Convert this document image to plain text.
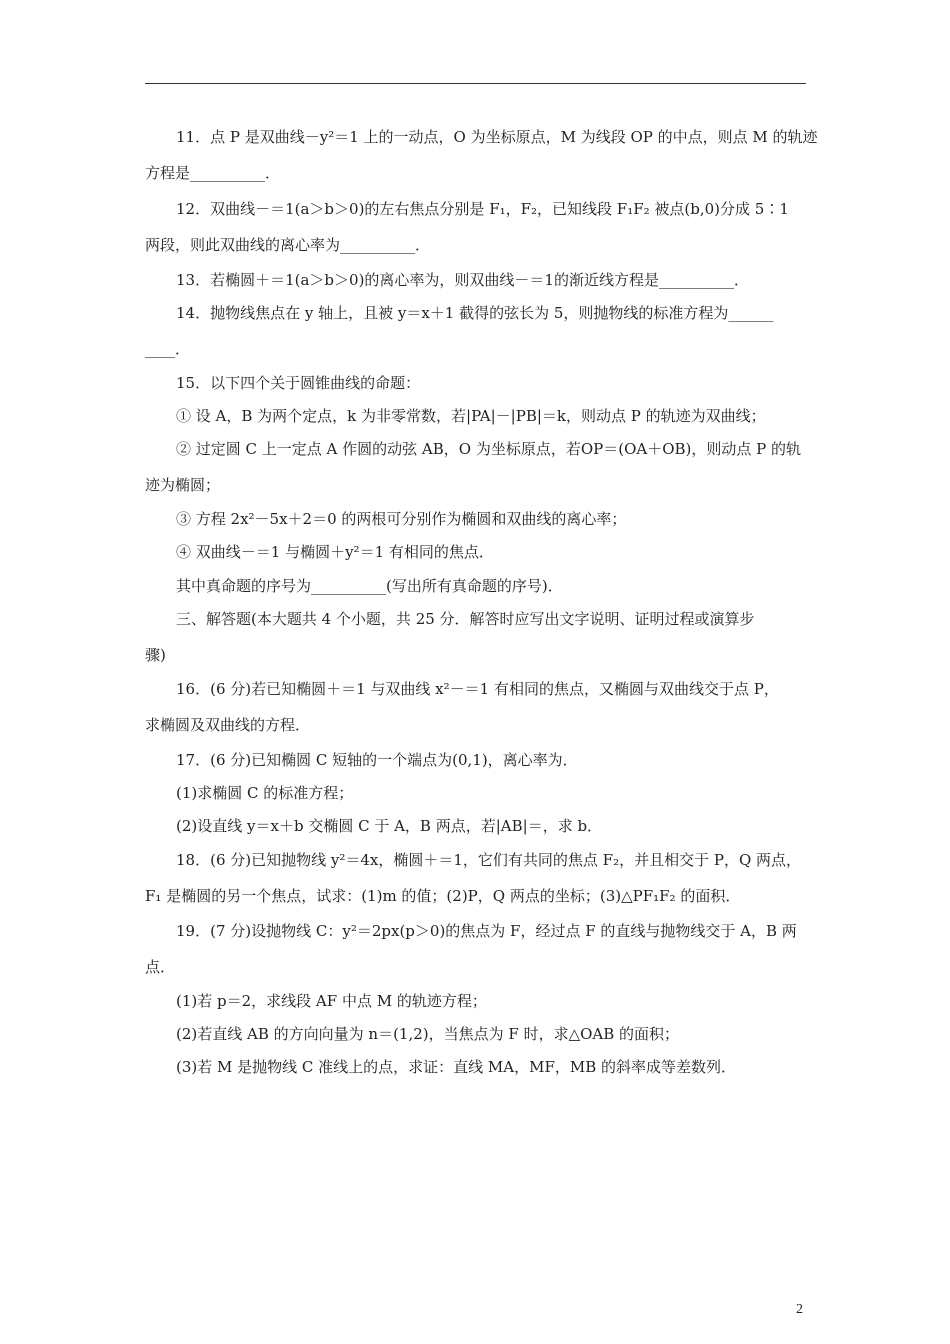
11．点 P 是双曲线－y²＝1 上的一动点，O 为坐标原点，M 为线段 OP 的中点，则点 M 的轨迹
方程是__________．
12．双曲线－＝1(a＞b＞0)的左右焦点分别是 F₁，F₂，已知线段 F₁F₂ 被点(b,0)分成 5∶1
两段，则此双曲线的离心率为__________．
13．若椭圆＋＝1(a＞b＞0)的离心率为，则双曲线－＝1的渐近线方程是__________．
14．抛物线焦点在 y 轴上，且被 y＝x＋1 截得的弦长为 5，则抛物线的标准方程为______
____．
15．以下四个关于圆锥曲线的命题：
① 设 A，B 为两个定点，k 为非零常数，若|PA|－|PB|＝k，则动点 P 的轨迹为双曲线；
② 过定圆 C 上一定点 A 作圆的动弦 AB，O 为坐标原点，若OP＝(OA＋OB)，则动点 P 的轨
迹为椭圆；
③ 方程 2x²－5x＋2＝0 的两根可分别作为椭圆和双曲线的离心率；
④ 双曲线－＝1 与椭圆＋y²＝1 有相同的焦点．
其中真命题的序号为__________(写出所有真命题的序号)．
三、解答题(本大题共 4 个小题，共 25 分．解答时应写出文字说明、证明过程或演算步
骤)
16．(6 分)若已知椭圆＋＝1 与双曲线 x²－＝1 有相同的焦点，又椭圆与双曲线交于点 P，
求椭圆及双曲线的方程．
17．(6 分)已知椭圆 C 短轴的一个端点为(0,1)，离心率为．
(1)求椭圆 C 的标准方程；
(2)设直线 y＝x＋b 交椭圆 C 于 A，B 两点，若|AB|＝，求 b．
18．(6 分)已知抛物线 y²＝4x，椭圆＋＝1，它们有共同的焦点 F₂，并且相交于 P，Q 两点，
F₁ 是椭圆的另一个焦点，试求：(1)m 的值；(2)P，Q 两点的坐标；(3)△PF₁F₂ 的面积．
19．(7 分)设抛物线 C：y²＝2px(p＞0)的焦点为 F，经过点 F 的直线与抛物线交于 A，B 两
点．
(1)若 p＝2，求线段 AF 中点 M 的轨迹方程；
(2)若直线 AB 的方向向量为 n＝(1,2)，当焦点为 F 时，求△OAB 的面积；
(3)若 M 是抛物线 C 准线上的点，求证：直线 MA，MF，MB 的斜率成等差数列．
2
